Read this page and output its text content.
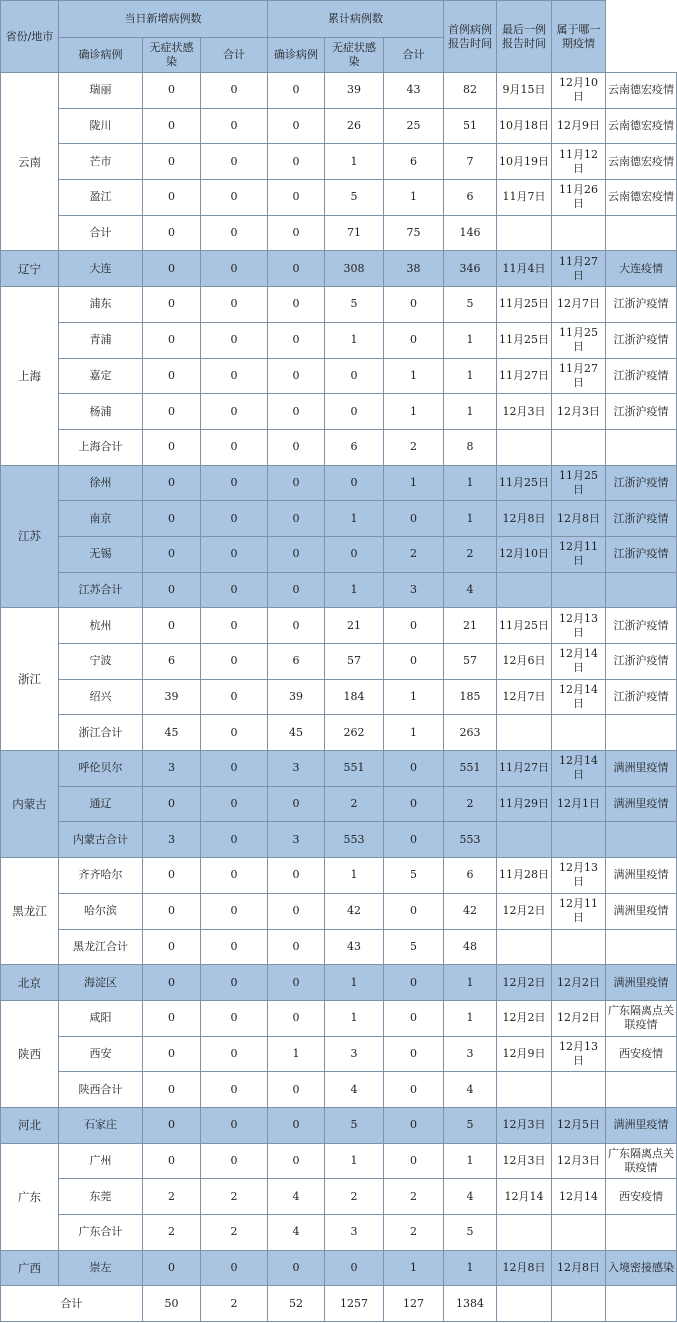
省份/地市	当日新增病例数			累计病例数			首例病例报告时间	最后一例报告时间	属于哪一期疫情	
	确诊病例	无症状感染	合计	确诊病例	无症状感染	合计				
云南	瑞丽	0	0	0	39	43	82	9月15日	12月10日	云南德宏疫情
	陇川	0	0	0	26	25	51	10月18日	12月9日	云南德宏疫情
	芒市	0	0	0	1	6	7	10月19日	11月12日	云南德宏疫情
	盈江	0	0	0	5	1	6	11月7日	11月26日	云南德宏疫情
	合计	0	0	0	71	75	146			
辽宁	大连	0	0	0	308	38	346	11月4日	11月27日	大连疫情
上海	浦东	0	0	0	5	0	5	11月25日	12月7日	江浙沪疫情
	青浦	0	0	0	1	0	1	11月25日	11月25日	江浙沪疫情
	嘉定	0	0	0	0	1	1	11月27日	11月27日	江浙沪疫情
	杨浦	0	0	0	0	1	1	12月3日	12月3日	江浙沪疫情
	上海合计	0	0	0	6	2	8			
江苏	徐州	0	0	0	0	1	1	11月25日	11月25日	江浙沪疫情
	南京	0	0	0	1	0	1	12月8日	12月8日	江浙沪疫情
	无锡	0	0	0	0	2	2	12月10日	12月11日	江浙沪疫情
	江苏合计	0	0	0	1	3	4			
浙江	杭州	0	0	0	21	0	21	11月25日	12月13日	江浙沪疫情
	宁波	6	0	6	57	0	57	12月6日	12月14日	江浙沪疫情
	绍兴	39	0	39	184	1	185	12月7日	12月14日	江浙沪疫情
	浙江合计	45	0	45	262	1	263			
内蒙古	呼伦贝尔	3	0	3	551	0	551	11月27日	12月14日	满洲里疫情
	通辽	0	0	0	2	0	2	11月29日	12月1日	满洲里疫情
	内蒙古合计	3	0	3	553	0	553			
黑龙江	齐齐哈尔	0	0	0	1	5	6	11月28日	12月13日	满洲里疫情
	哈尔滨	0	0	0	42	0	42	12月2日	12月11日	满洲里疫情
	黑龙江合计	0	0	0	43	5	48			
北京	海淀区	0	0	0	1	0	1	12月2日	12月2日	满洲里疫情
陕西	咸阳	0	0	0	1	0	1	12月2日	12月2日	广东隔离点关联疫情
	西安	0	0	1	3	0	3	12月9日	12月13日	西安疫情
	陕西合计	0	0	0	4	0	4			
河北	石家庄	0	0	0	5	0	5	12月3日	12月5日	满洲里疫情
广东	广州	0	0	0	1	0	1	12月3日	12月3日	广东隔离点关联疫情
	东莞	2	2	4	2	2	4	12月14	12月14	西安疫情
	广东合计	2	2	4	3	2	5			
广西	崇左	0	0	0	0	1	1	12月8日	12月8日	入境密接感染
合计		50	2	52	1257	127	1384			
